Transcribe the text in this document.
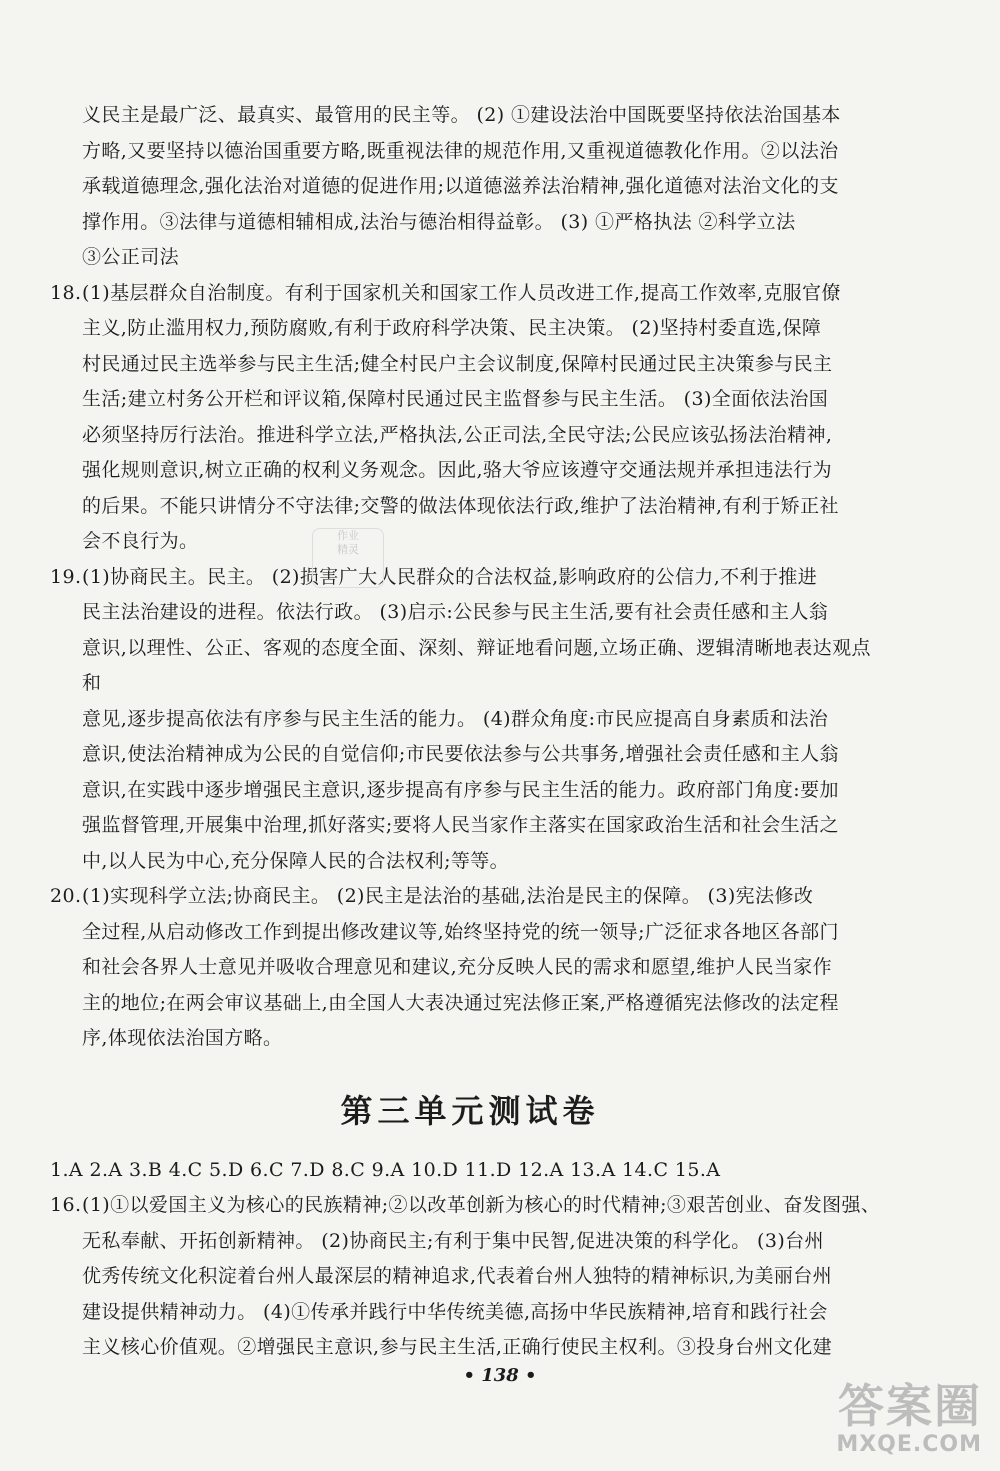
义民主是最广泛、最真实、最管用的民主等。 (2) ①建设法治中国既要坚持依法治国基本
方略,又要坚持以德治国重要方略,既重视法律的规范作用,又重视道德教化作用。②以法治
承载道德理念,强化法治对道德的促进作用;以道德滋养法治精神,强化道德对法治文化的支
撑作用。③法律与道德相辅相成,法治与德治相得益彰。 (3) ①严格执法 ②科学立法
③公正司法
18.(1)基层群众自治制度。有利于国家机关和国家工作人员改进工作,提高工作效率,克服官僚
主义,防止滥用权力,预防腐败,有利于政府科学决策、民主决策。 (2)坚持村委直选,保障
村民通过民主选举参与民主生活;健全村民户主会议制度,保障村民通过民主决策参与民主
生活;建立村务公开栏和评议箱,保障村民通过民主监督参与民主生活。 (3)全面依法治国
必须坚持厉行法治。推进科学立法,严格执法,公正司法,全民守法;公民应该弘扬法治精神,
强化规则意识,树立正确的权利义务观念。因此,骆大爷应该遵守交通法规并承担违法行为
的后果。不能只讲情分不守法律;交警的做法体现依法行政,维护了法治精神,有利于矫正社
会不良行为。
19.(1)协商民主。民主。 (2)损害广大人民群众的合法权益,影响政府的公信力,不利于推进
民主法治建设的进程。依法行政。 (3)启示:公民参与民主生活,要有社会责任感和主人翁
意识,以理性、公正、客观的态度全面、深刻、辩证地看问题,立场正确、逻辑清晰地表达观点和
意见,逐步提高依法有序参与民主生活的能力。 (4)群众角度:市民应提高自身素质和法治
意识,使法治精神成为公民的自觉信仰;市民要依法参与公共事务,增强社会责任感和主人翁
意识,在实践中逐步增强民主意识,逐步提高有序参与民主生活的能力。政府部门角度:要加
强监督管理,开展集中治理,抓好落实;要将人民当家作主落实在国家政治生活和社会生活之
中,以人民为中心,充分保障人民的合法权利;等等。
20.(1)实现科学立法;协商民主。 (2)民主是法治的基础,法治是民主的保障。 (3)宪法修改
全过程,从启动修改工作到提出修改建议等,始终坚持党的统一领导;广泛征求各地区各部门
和社会各界人士意见并吸收合理意见和建议,充分反映人民的需求和愿望,维护人民当家作
主的地位;在两会审议基础上,由全国人大表决通过宪法修正案,严格遵循宪法修改的法定程
序,体现依法治国方略。
第三单元测试卷
1.A 2.A 3.B 4.C 5.D 6.C 7.D 8.C 9.A 10.D 11.D 12.A 13.A 14.C 15.A
16.(1)①以爱国主义为核心的民族精神;②以改革创新为核心的时代精神;③艰苦创业、奋发图强、
无私奉献、开拓创新精神。 (2)协商民主;有利于集中民智,促进决策的科学化。 (3)台州
优秀传统文化积淀着台州人最深层的精神追求,代表着台州人独特的精神标识,为美丽台州
建设提供精神动力。 (4)①传承并践行中华传统美德,高扬中华民族精神,培育和践行社会
主义核心价值观。②增强民主意识,参与民主生活,正确行使民主权利。③投身台州文化建
作业
精灵
• 138 •
答案圈
MXQE.COM
